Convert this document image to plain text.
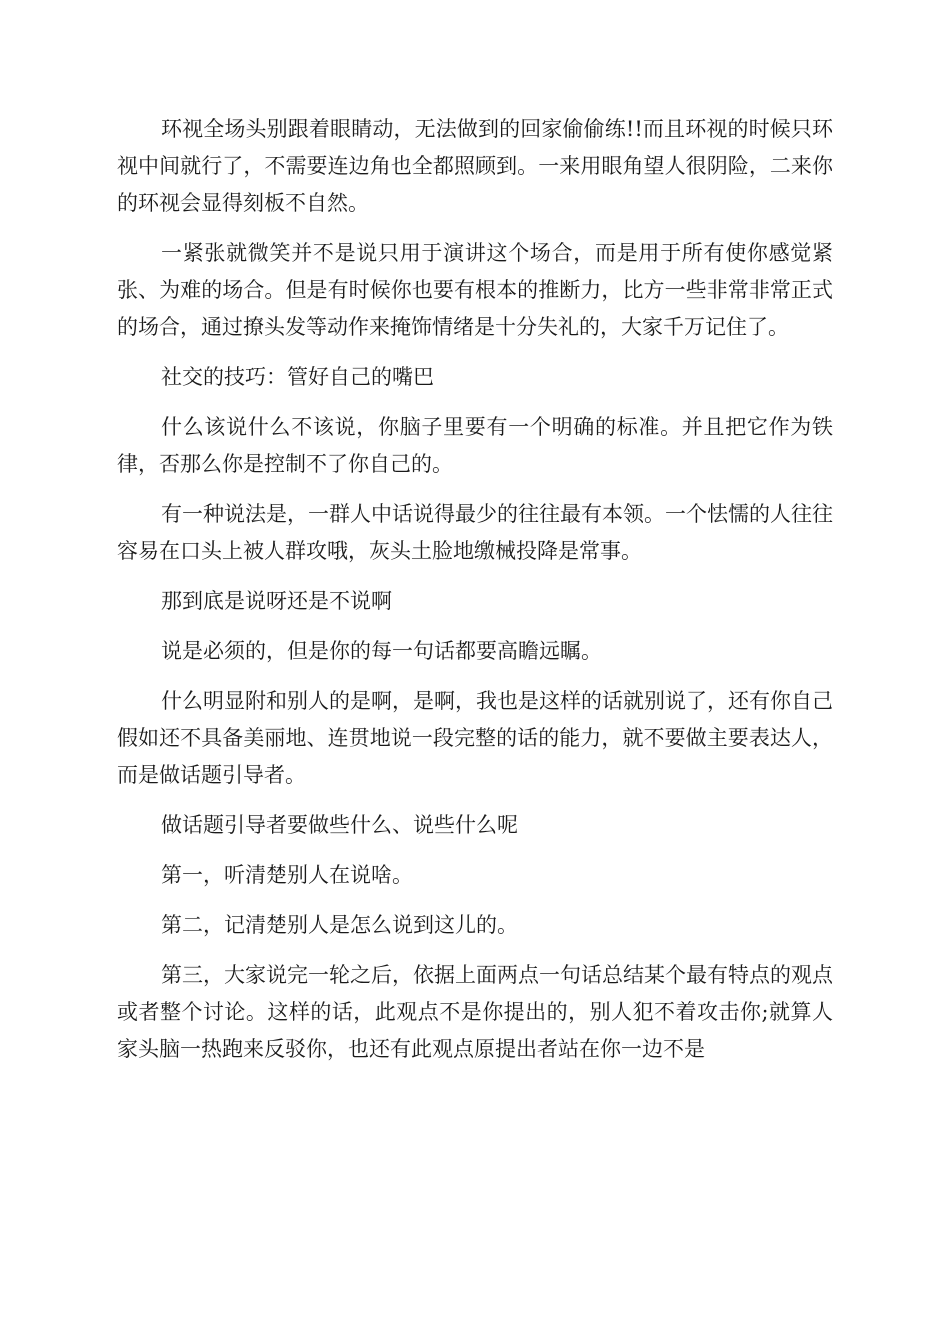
环视全场头别跟着眼睛动，无法做到的回家偷偷练!!而且环视的时候只环视中间就行了，不需要连边角也全都照顾到。一来用眼角望人很阴险，二来你的环视会显得刻板不自然。

一紧张就微笑并不是说只用于演讲这个场合，而是用于所有使你感觉紧张、为难的场合。但是有时候你也要有根本的推断力，比方一些非常非常正式的场合，通过撩头发等动作来掩饰情绪是十分失礼的，大家千万记住了。

社交的技巧：管好自己的嘴巴

什么该说什么不该说，你脑子里要有一个明确的标准。并且把它作为铁律，否那么你是控制不了你自己的。

有一种说法是，一群人中话说得最少的往往最有本领。一个怯懦的人往往容易在口头上被人群攻哦，灰头土脸地缴械投降是常事。

那到底是说呀还是不说啊

说是必须的，但是你的每一句话都要高瞻远瞩。

什么明显附和别人的是啊，是啊，我也是这样的话就别说了，还有你自己假如还不具备美丽地、连贯地说一段完整的话的能力，就不要做主要表达人，而是做话题引导者。

做话题引导者要做些什么、说些什么呢

第一，听清楚别人在说啥。

第二，记清楚别人是怎么说到这儿的。

第三，大家说完一轮之后，依据上面两点一句话总结某个最有特点的观点或者整个讨论。这样的话，此观点不是你提出的，别人犯不着攻击你;就算人家头脑一热跑来反驳你，也还有此观点原提出者站在你一边不是
